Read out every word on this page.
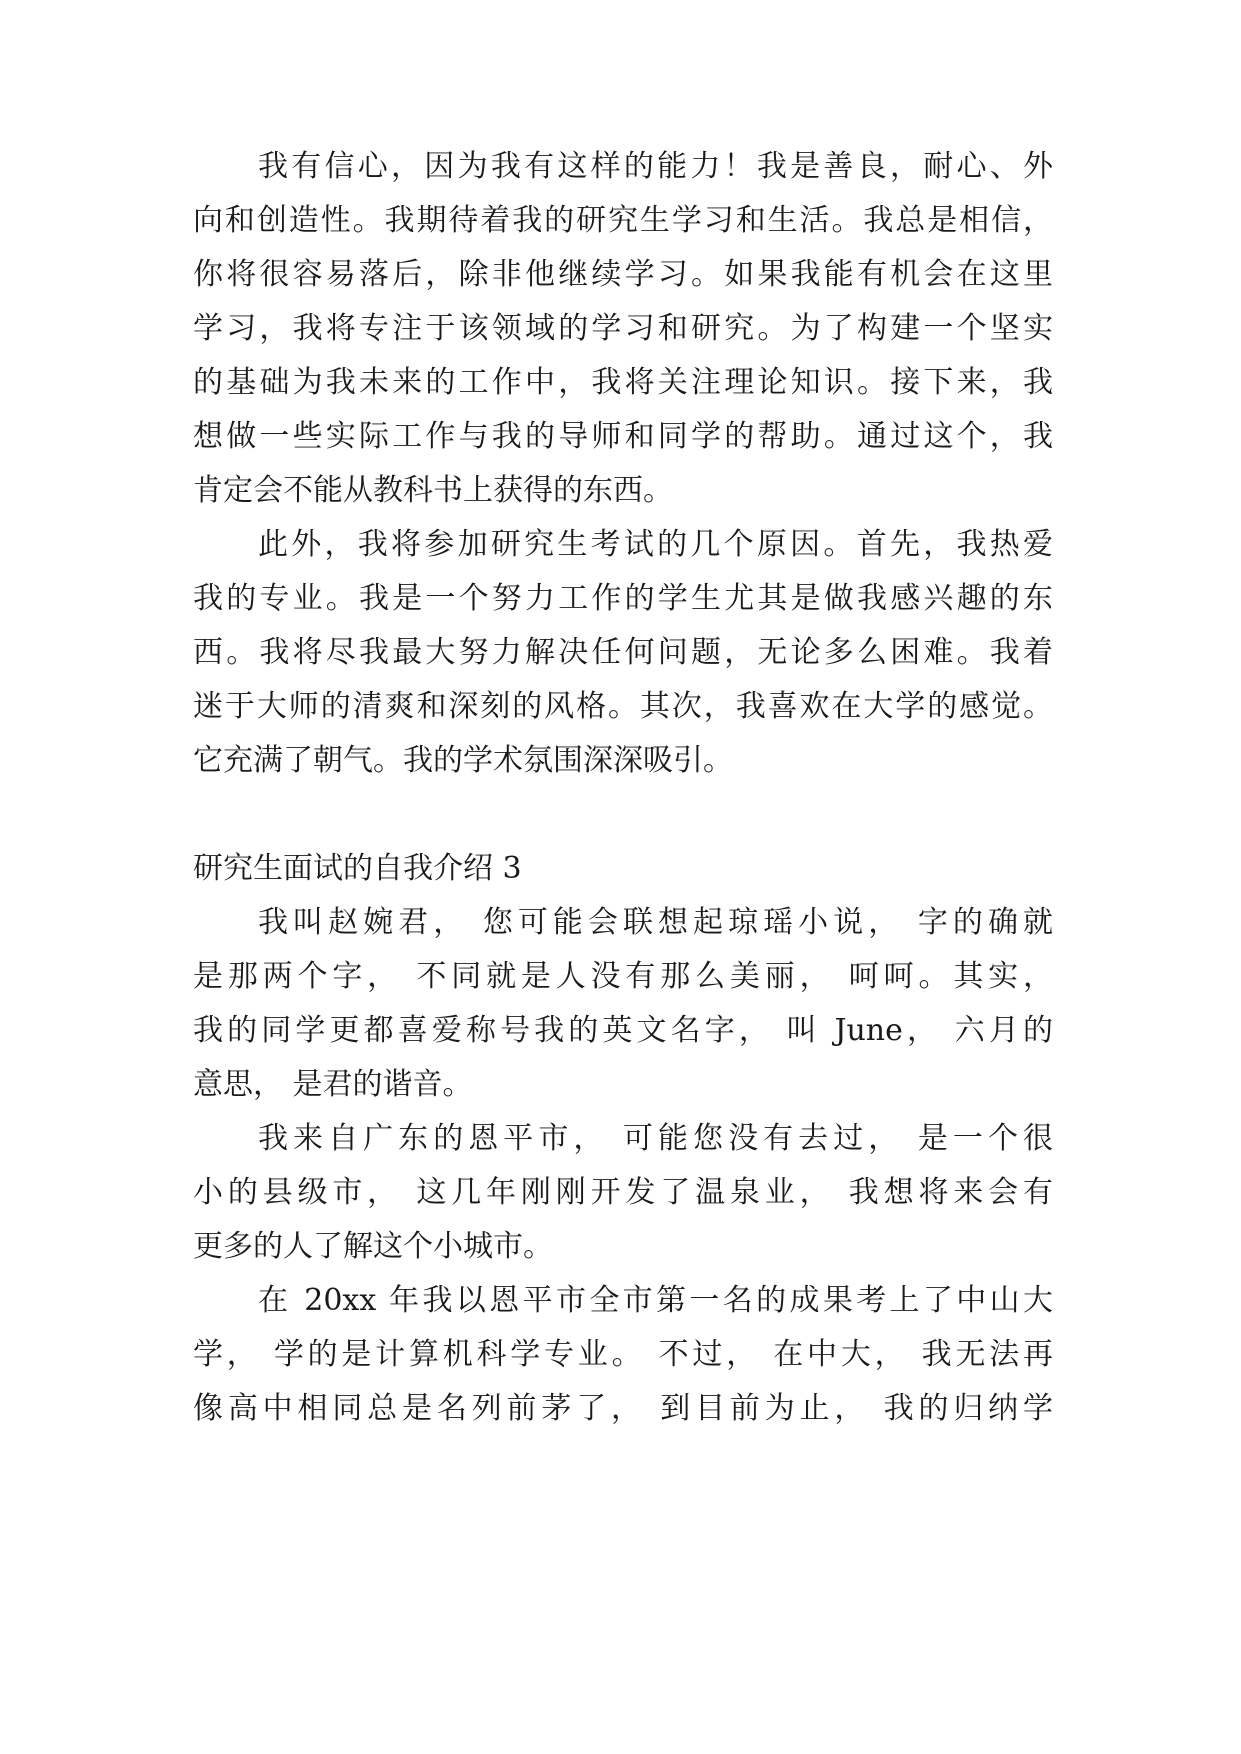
我有信心，因为我有这样的能力！我是善良，耐心、外
向和创造性。我期待着我的研究生学习和生活。我总是相信，
你将很容易落后，除非他继续学习。如果我能有机会在这里
学习，我将专注于该领域的学习和研究。为了构建一个坚实
的基础为我未来的工作中，我将关注理论知识。接下来，我
想做一些实际工作与我的导师和同学的帮助。通过这个，我
肯定会不能从教科书上获得的东西。
此外，我将参加研究生考试的几个原因。首先，我热爱
我的专业。我是一个努力工作的学生尤其是做我感兴趣的东
西。我将尽我最大努力解决任何问题，无论多么困难。我着
迷于大师的清爽和深刻的风格。其次，我喜欢在大学的感觉。
它充满了朝气。我的学术氛围深深吸引。
研究生面试的自我介绍 3
我叫赵婉君， 您可能会联想起琼瑶小说， 字的确就
是那两个字， 不同就是人没有那么美丽， 呵呵。其实，
我的同学更都喜爱称号我的英文名字， 叫 June， 六月的
意思， 是君的谐音。
我来自广东的恩平市， 可能您没有去过， 是一个很
小的县级市， 这几年刚刚开发了温泉业， 我想将来会有
更多的人了解这个小城市。
在 20xx 年我以恩平市全市第一名的成果考上了中山大
学， 学的是计算机科学专业。 不过， 在中大， 我无法再
像高中相同总是名列前茅了， 到目前为止， 我的归纳学
